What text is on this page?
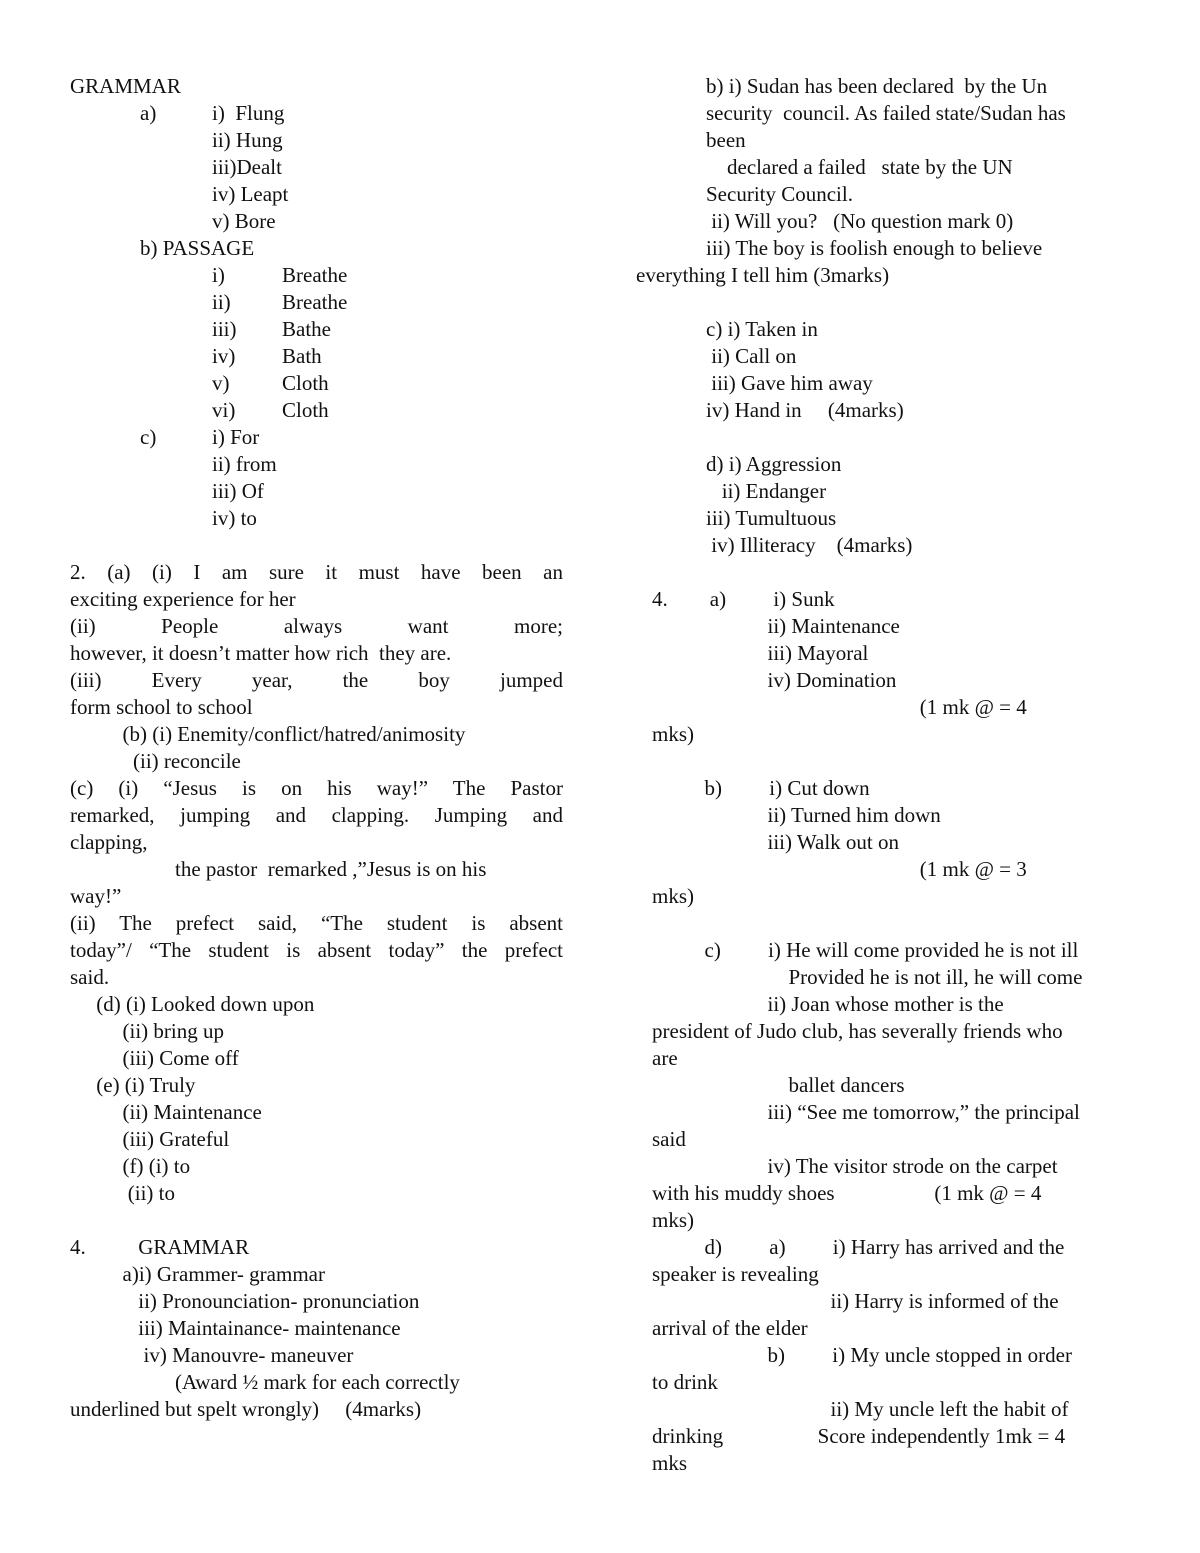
GRAMMAR
a)	i)  Flung
ii) Hung
iii)Dealt
iv) Leapt
v) Bore
b) PASSAGE
i)	Breathe
ii) Breathe
iii) Bathe
iv) Bath
v)	Cloth
vi) Cloth
c)	i) For
ii) from
iii) Of
iv) to
2. (a) (i) I am sure it must have been an
exciting experience for her
(ii) People always want more;
however, it doesn’t matter how rich  they are.
(iii) Every year, the boy jumped
form school to school
(b) (i) Enemity/conflict/hatred/animosity
(ii) reconcile
(c) (i) “Jesus is on his way!” The Pastor
remarked, jumping and clapping. Jumping and
clapping,
the pastor  remarked ,”Jesus is on his
way!”
(ii) The prefect said, “The student is absent
today”/ “The student is absent today” the prefect
said.
(d) (i) Looked down upon
(ii) bring up
(iii) Come off
(e) (i) Truly
(ii) Maintenance
(iii) Grateful
(f) (i) to
(ii) to
4.          GRAMMAR
a)i) Grammer- grammar
ii) Pronounciation- pronunciation
iii) Maintainance- maintenance
iv) Manouvre- maneuver
(Award ½ mark for each correctly
underlined but spelt wrongly)     (4marks)
b) i) Sudan has been declared  by the Un
security  council. As failed state/Sudan has
been
declared a failed   state by the UN
Security Council.
ii) Will you?   (No question mark 0)
iii) The boy is foolish enough to believe
everything I tell him (3marks)
c) i) Taken in
ii) Call on
iii) Gave him away
iv) Hand in     (4marks)
d) i) Aggression
ii) Endanger
iii) Tumultuous
iv) Illiteracy    (4marks)
4.        a)         i) Sunk
ii) Maintenance
iii) Mayoral
iv) Domination
(1 mk @ = 4
mks)
b)         i) Cut down
ii) Turned him down
iii) Walk out on
(1 mk @ = 3
mks)
c)         i) He will come provided he is not ill
Provided he is not ill, he will come
ii) Joan whose mother is the
president of Judo club, has severally friends who
are
ballet dancers
iii) “See me tomorrow,” the principal
said
iv) The visitor strode on the carpet
with his muddy shoes                   (1 mk @ = 4
mks)
d)         a)         i) Harry has arrived and the
speaker is revealing
ii) Harry is informed of the
arrival of the elder
b)         i) My uncle stopped in order
to drink
ii) My uncle left the habit of
drinking                  Score independently 1mk = 4
mks
